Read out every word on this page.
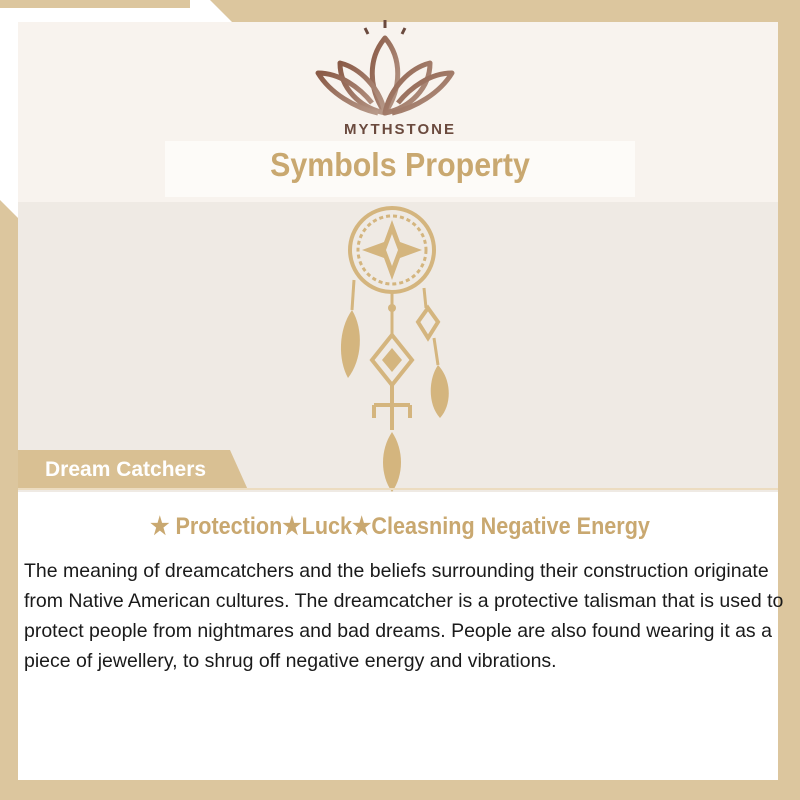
MYTHSTONE
Symbols Property
Dream Catchers
★ Protection★Luck★Cleasning Negative Energy
The meaning of dreamcatchers and the beliefs surrounding their construction originate from Native American cultures. The dreamcatcher is a protective talisman that is used to protect people from nightmares and bad dreams. People are also found wearing it as a piece of jewellery, to shrug off negative energy and vibrations.
